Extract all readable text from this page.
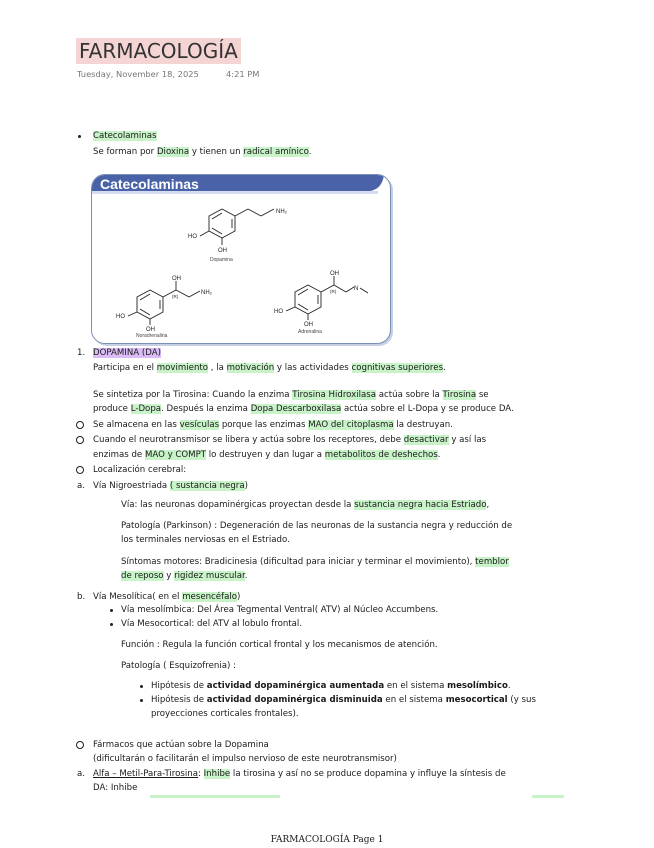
FARMACOLOGÍA
Tuesday, November 18, 2025	4:21 PM
Catecolaminas
Se forman por Dioxina y tienen un radical amínico.
Catecolaminas
NH₂
HO
OH
Dopamina
OH
(R)
NH₂
HO
OH
Noradrenalina
OH
(R)	N
HO
OH
Adrenalina
1. DOPAMINA (DA)
Participa en el movimiento , la motivación y las actividades cognitivas superiores.
Se sintetiza por la Tirosina: Cuando la enzima Tirosina Hidroxilasa actúa sobre la Tirosina se
produce L-Dopa. Después la enzima Dopa Descarboxilasa actúa sobre el L-Dopa y se produce DA.
Se almacena en las vesículas porque las enzimas MAO del citoplasma la destruyan.
Cuando el neurotransmisor se libera y actúa sobre los receptores, debe desactivar y así las
enzimas de MAO y COMPT lo destruyen y dan lugar a metabolitos de deshechos.
Localización cerebral:
a. Vía Nigroestriada ( sustancia negra)
Vía: las neuronas dopaminérgicas proyectan desde la sustancia negra hacia Estriado,
Patología (Parkinson) : Degeneración de las neuronas de la sustancia negra y reducción de
los terminales nerviosas en el Estriado.
Síntomas motores: Bradicinesia (dificultad para iniciar y terminar el movimiento), temblor
de reposo y rigidez muscular.
b. Vía Mesolítica( en el mesencéfalo)
Vía mesolímbica: Del Área Tegmental Ventral( ATV) al Núcleo Accumbens.
Vía Mesocortical: del ATV al lobulo frontal.
Función : Regula la función cortical frontal y los mecanismos de atención.
Patología ( Esquizofrenia) :
Hipótesis de actividad dopaminérgica aumentada en el sistema mesolímbico.
Hipótesis de actividad dopaminérgica disminuida en el sistema mesocortical (y sus
proyecciones corticales frontales).
Fármacos que actúan sobre la Dopamina
(dificultarán o facilitarán el impulso nervioso de este neurotransmisor)
a. Alfa – Metil-Para-Tirosina: Inhibe la tirosina y así no se produce dopamina y influye la síntesis de
DA: Inhibe
FARMACOLOGÍA Page 1
